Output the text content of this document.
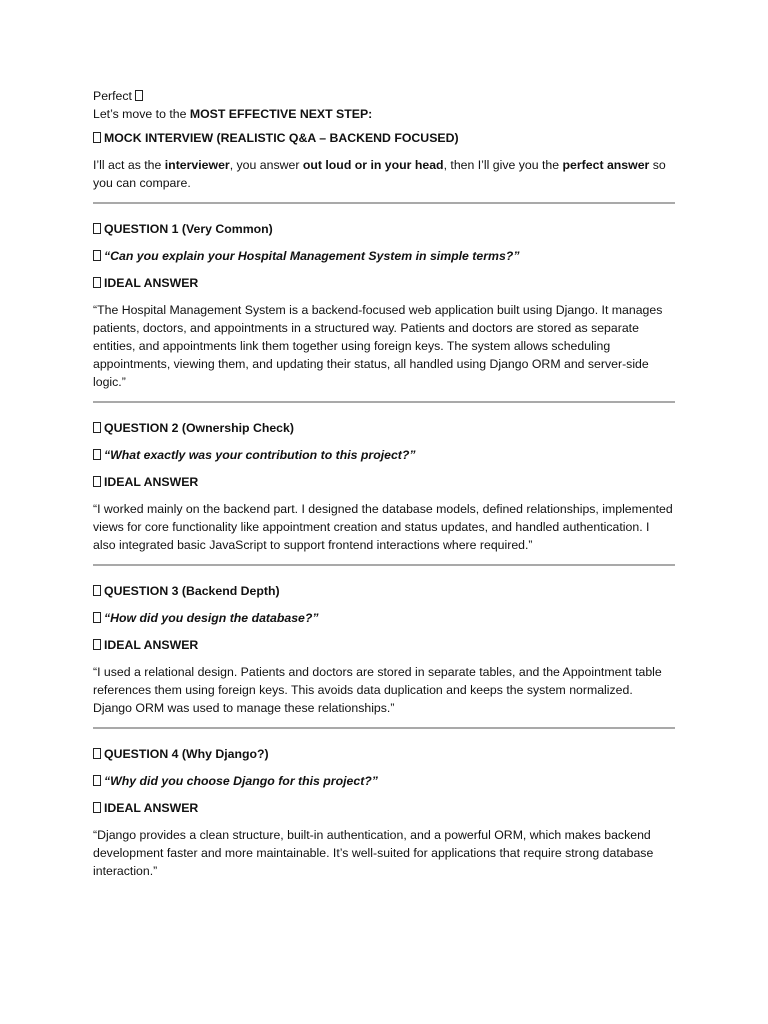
Perfect

Let’s move to the MOST EFFECTIVE NEXT STEP:

MOCK INTERVIEW (REALISTIC Q&A – BACKEND FOCUSED)

I’ll act as the interviewer, you answer out loud or in your head, then I’ll give you the perfect answer so you can compare.

QUESTION 1 (Very Common)

“Can you explain your Hospital Management System in simple terms?”

IDEAL ANSWER

“The Hospital Management System is a backend-focused web application built using Django. It manages patients, doctors, and appointments in a structured way. Patients and doctors are stored as separate entities, and appointments link them together using foreign keys. The system allows scheduling appointments, viewing them, and updating their status, all handled using Django ORM and server-side logic.”

QUESTION 2 (Ownership Check)

“What exactly was your contribution to this project?”

IDEAL ANSWER

“I worked mainly on the backend part. I designed the database models, defined relationships, implemented views for core functionality like appointment creation and status updates, and handled authentication. I also integrated basic JavaScript to support frontend interactions where required.”

QUESTION 3 (Backend Depth)

“How did you design the database?”

IDEAL ANSWER

“I used a relational design. Patients and doctors are stored in separate tables, and the Appointment table references them using foreign keys. This avoids data duplication and keeps the system normalized. Django ORM was used to manage these relationships.”

QUESTION 4 (Why Django?)

“Why did you choose Django for this project?”

IDEAL ANSWER

“Django provides a clean structure, built-in authentication, and a powerful ORM, which makes backend development faster and more maintainable. It’s well-suited for applications that require strong database interaction.”
